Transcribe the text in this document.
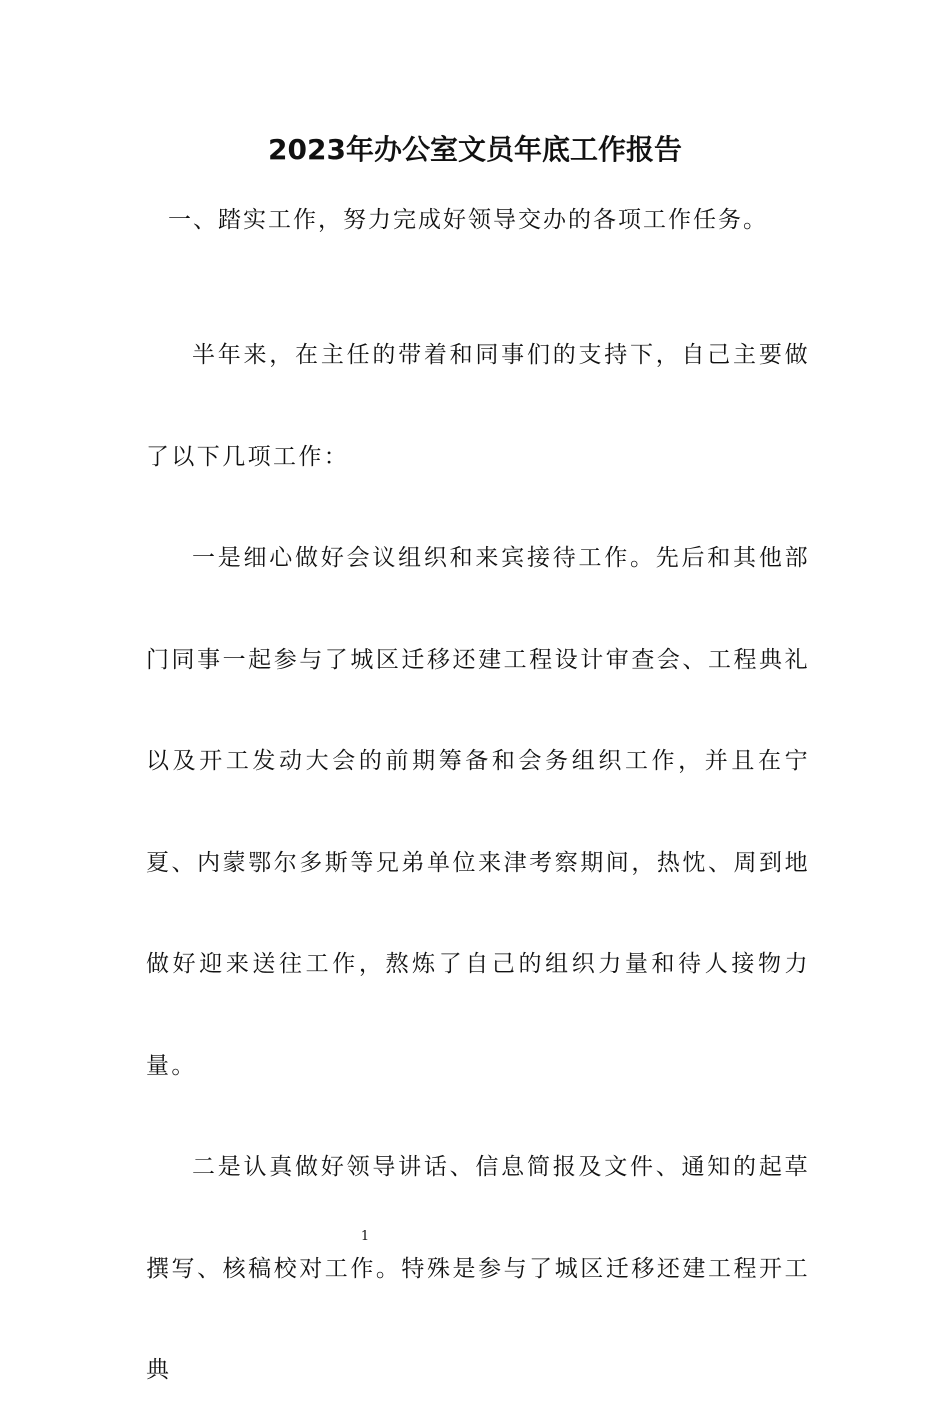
2023年办公室文员年底工作报告
一、踏实工作，努力完成好领导交办的各项工作任务。

半年来，在主任的带着和同事们的支持下，自己主要做了以下几项工作：

一是细心做好会议组织和来宾接待工作。先后和其他部门同事一起参与了城区迁移还建工程设计审查会、工程典礼以及开工发动大会的前期筹备和会务组织工作，并且在宁夏、内蒙鄂尔多斯等兄弟单位来津考察期间，热忱、周到地做好迎来送往工作，熬炼了自己的组织力量和待人接物力量。

二是认真做好领导讲话、信息简报及文件、通知的起草撰写、核稿校对工作。特殊是参与了城区迁移还建工程开工典

1
